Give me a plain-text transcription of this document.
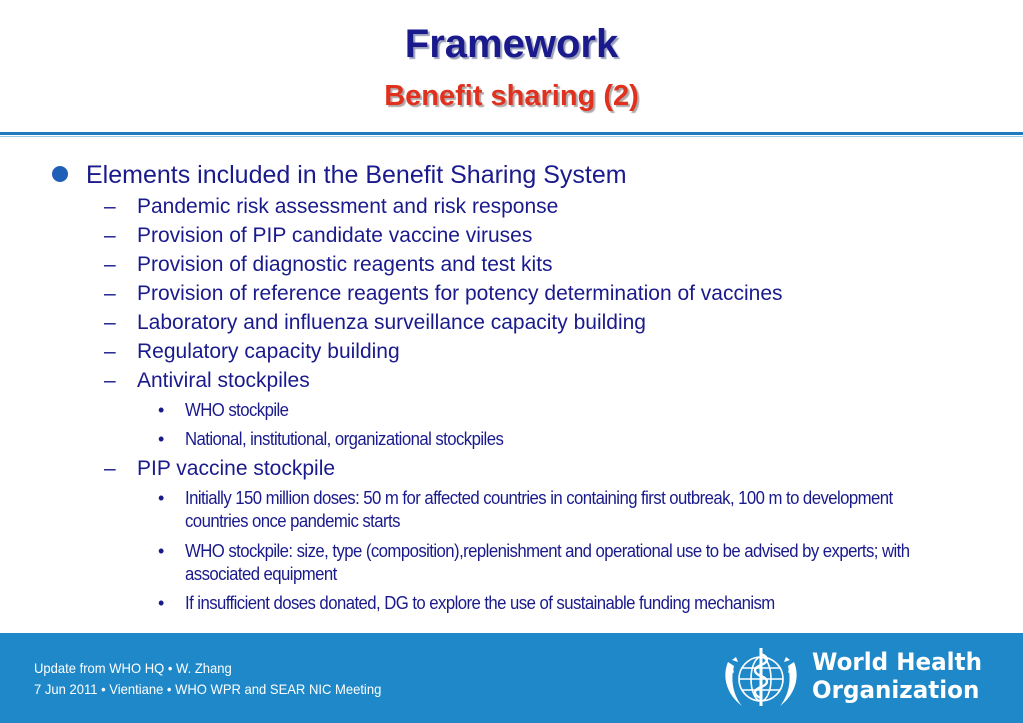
Framework
Benefit sharing (2)
Elements included in the Benefit Sharing System
– Pandemic risk assessment and risk response
– Provision of PIP candidate vaccine viruses
– Provision of diagnostic reagents and test kits
– Provision of reference reagents for potency determination of vaccines
– Laboratory and influenza surveillance capacity building
– Regulatory capacity building
– Antiviral stockpiles
• WHO stockpile
• National, institutional, organizational stockpiles
– PIP vaccine stockpile
• Initially 150 million doses: 50 m for affected countries in containing first outbreak, 100 m to development countries once pandemic starts
• WHO stockpile: size, type (composition),replenishment and operational use to be advised by experts; with associated equipment
• If insufficient doses donated, DG to explore the use of sustainable funding mechanism
Update from WHO HQ • W. Zhang
7 Jun 2011 • Vientiane • WHO WPR and SEAR NIC Meeting
World Health
Organization
